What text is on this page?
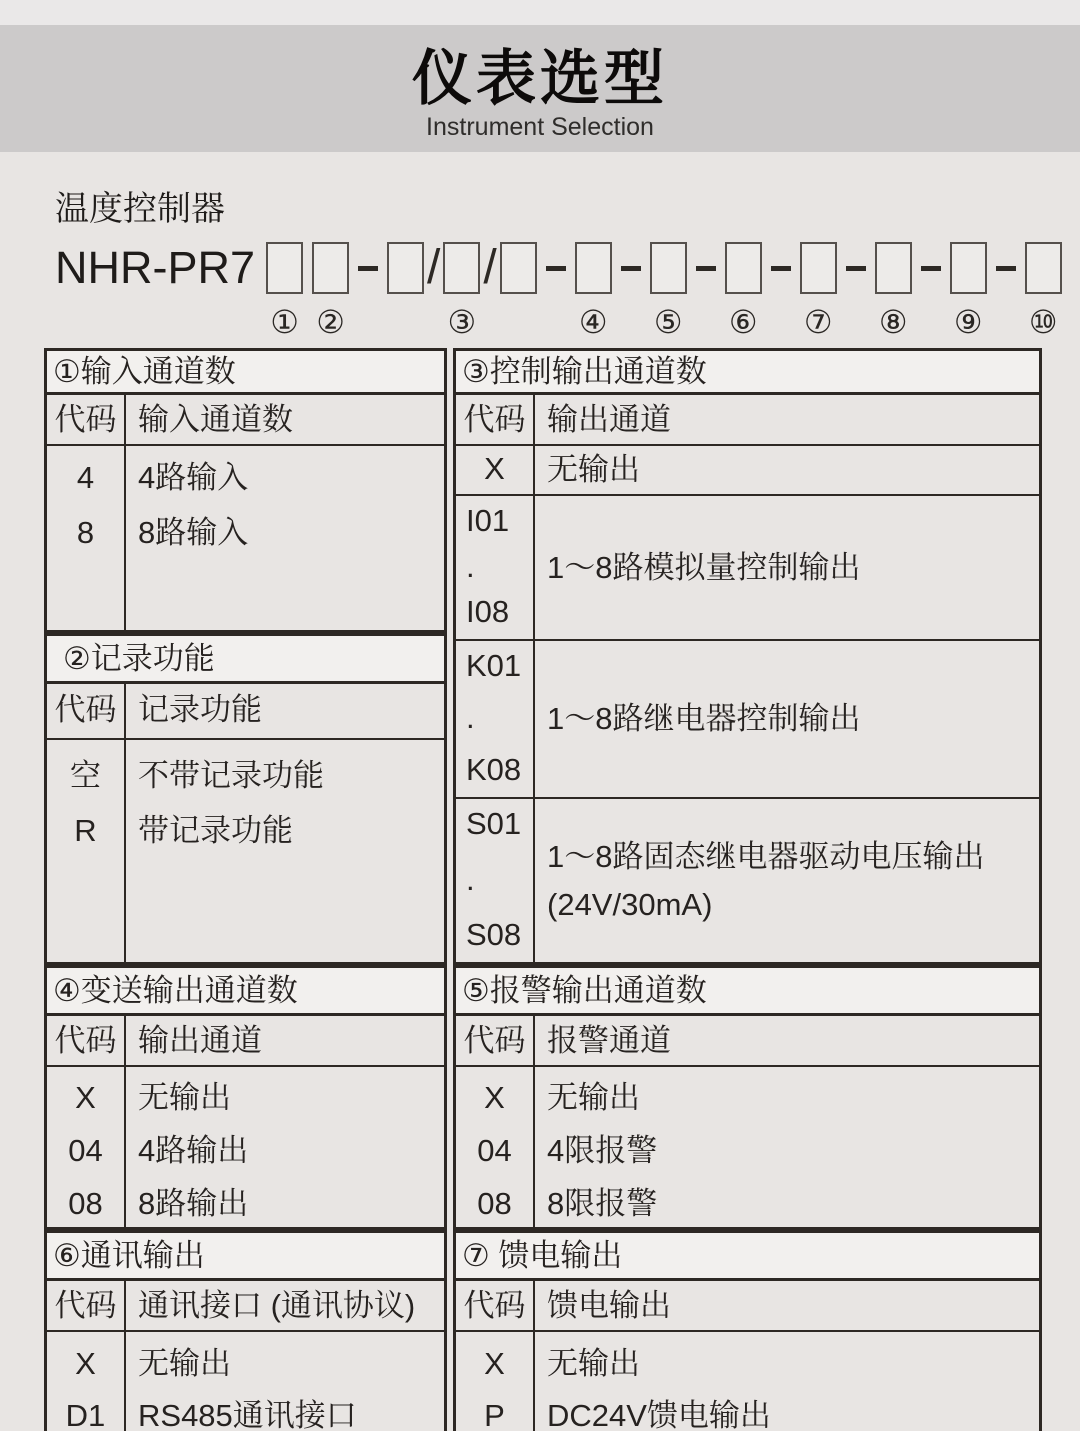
仪表选型
Instrument Selection
温度控制器
NHR-PR7
① ②
/ /
③	④ ⑤ ⑥ ⑦ ⑧ ⑨ ⑩
①输入通道数
代码 输入通道数
4
8
4路输入
8路输入
②记录功能
代码 记录功能
空
R
不带记录功能
带记录功能
③控制输出通道数
代码 输出通道
X	无输出
I01
.
I08
1～8路模拟量控制输出
K01
.
K08
1～8路继电器控制输出
S01
.
S08
1～8路固态继电器驱动电压输出
(24V/30mA)
④变送输出通道数
代码 输出通道
X
04
08
无输出
4路输出
8路输出
⑤报警输出通道数
代码 报警通道
X
04
08
无输出
4限报警
8限报警
⑥通讯输出
代码 通讯接口 (通讯协议)
X
D1
无输出
RS485通讯接口
⑦ 馈电输出
代码 馈电输出
X
P
无输出
DC24V馈电输出
